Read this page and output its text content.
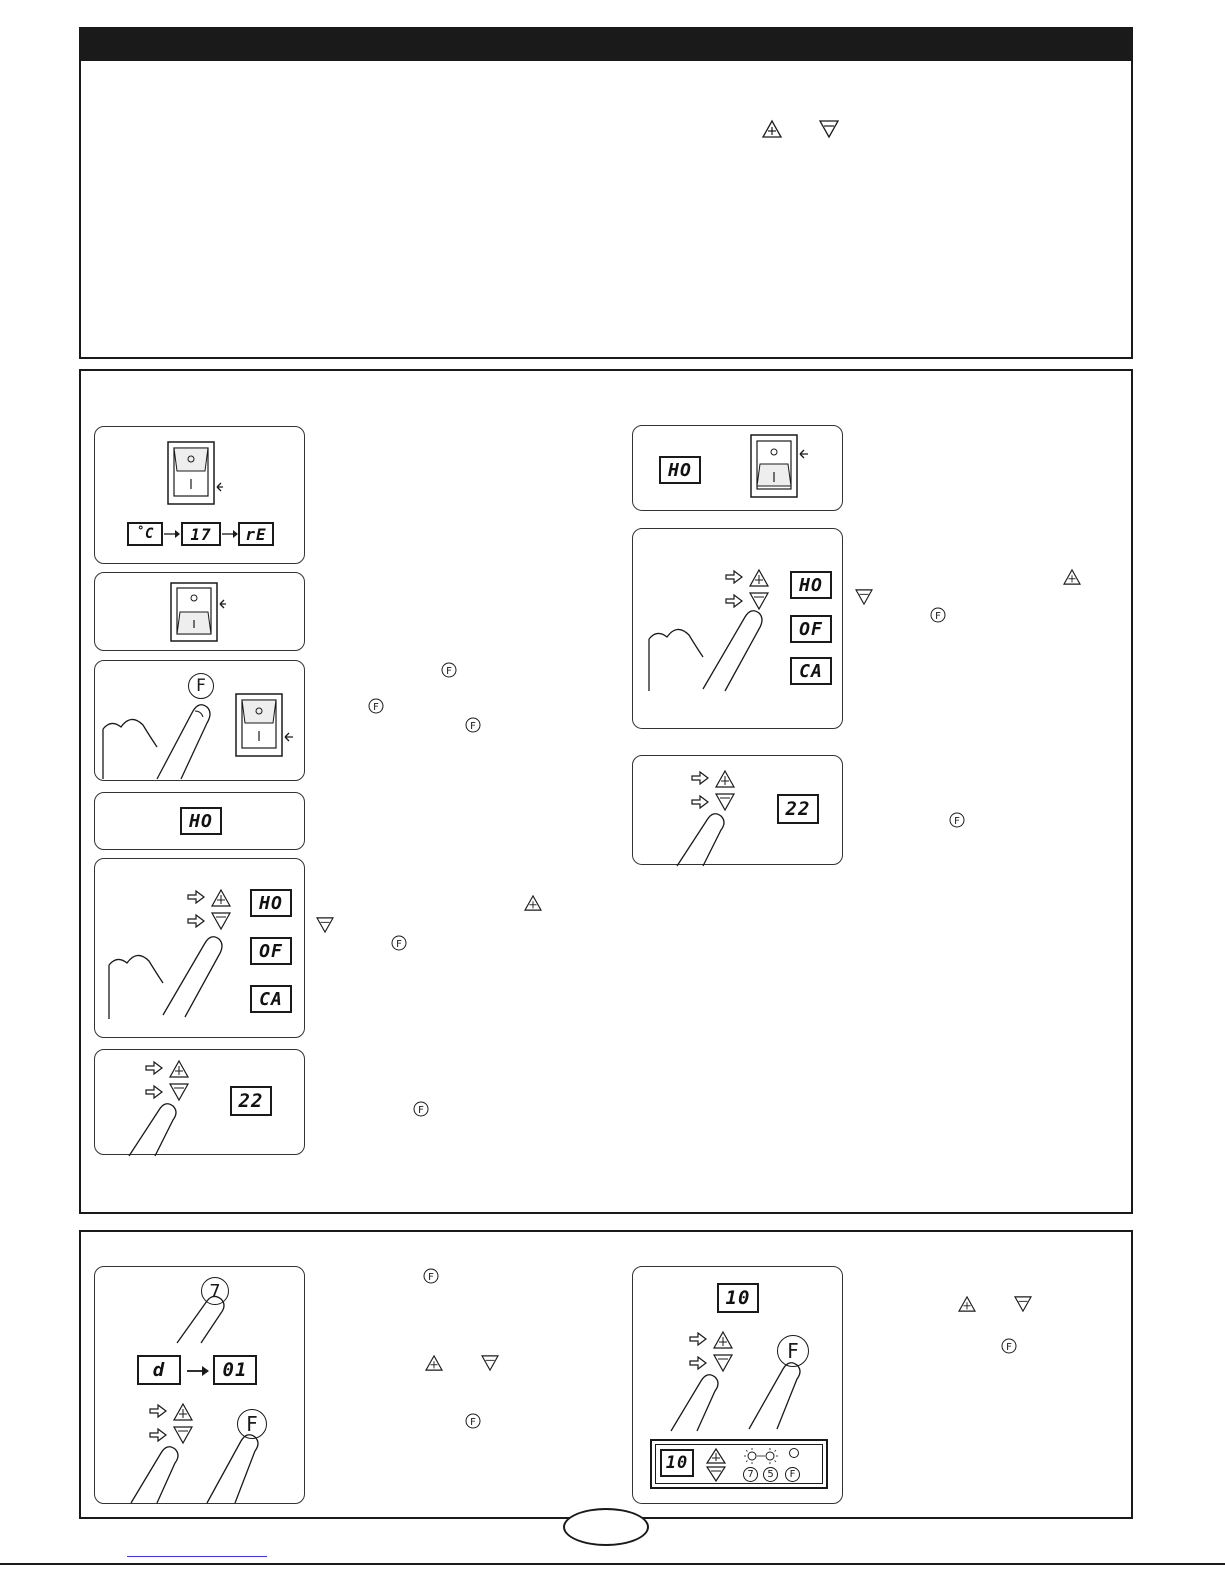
˚C	17	rE
F
HO
HO
OF
CA
22
HO
HO
OF
CA
22
F
F
F
F
F
F
F
7
d	01
F
10
F
10
7	5	F
F
F
F
